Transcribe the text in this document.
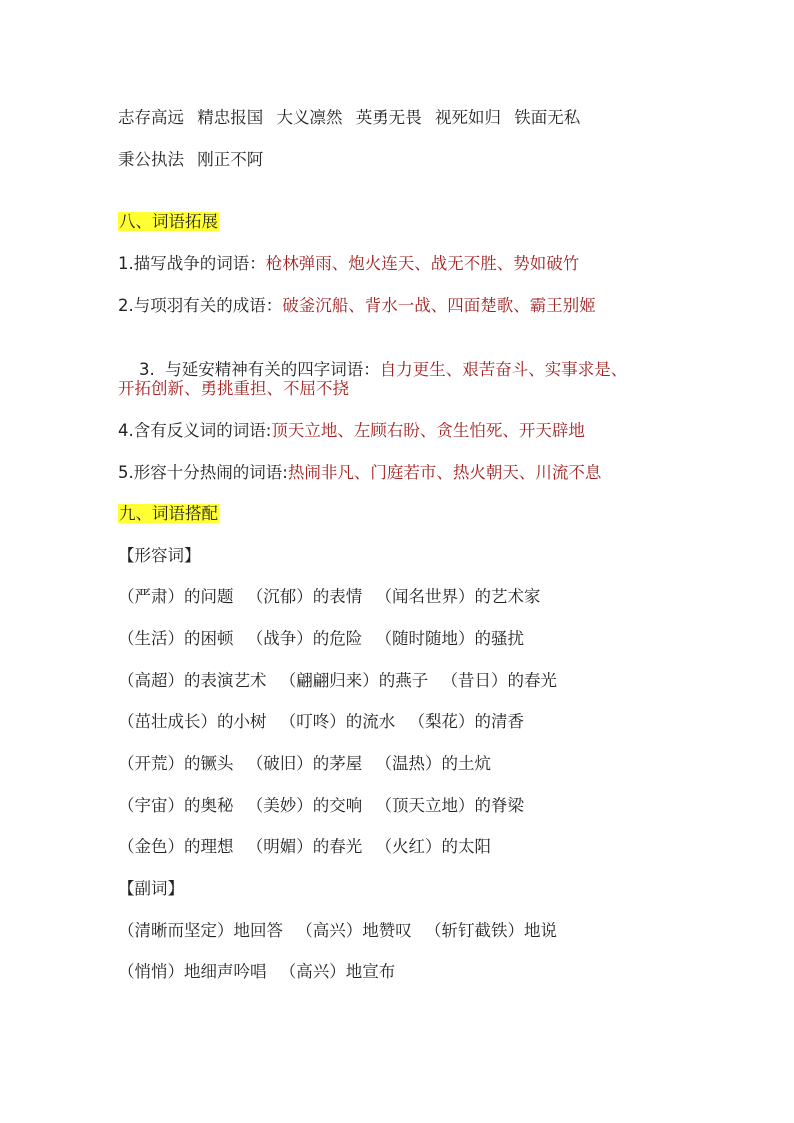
志存高远 精忠报国 大义凛然 英勇无畏 视死如归 铁面无私
秉公执法 刚正不阿
八、词语拓展
1.描写战争的词语：枪林弹雨、炮火连天、战无不胜、势如破竹
2.与项羽有关的成语：破釜沉船、背水一战、四面楚歌、霸王别姬

3.  与延安精神有关的四字词语：自力更生、艰苦奋斗、实事求是、

开拓创新、勇挑重担、不屈不挠
4.含有反义词的词语:顶天立地、左顾右盼、贪生怕死、开天辟地
5.形容十分热闹的词语:热闹非凡、门庭若市、热火朝天、川流不息
九、词语搭配
【形容词】
（严肃）的问题 （沉郁）的表情 （闻名世界）的艺术家
（生活）的困顿 （战争）的危险 （随时随地）的骚扰
（高超）的表演艺术 （翩翩归来）的燕子 （昔日）的春光
（茁壮成长）的小树 （叮咚）的流水 （梨花）的清香
（开荒）的镢头 （破旧）的茅屋 （温热）的土炕
（宇宙）的奥秘 （美妙）的交响 （顶天立地）的脊梁
（金色）的理想 （明媚）的春光 （火红）的太阳
【副词】
（清晰而坚定）地回答 （高兴）地赞叹 （斩钉截铁）地说
（悄悄）地细声吟唱 （高兴）地宣布
